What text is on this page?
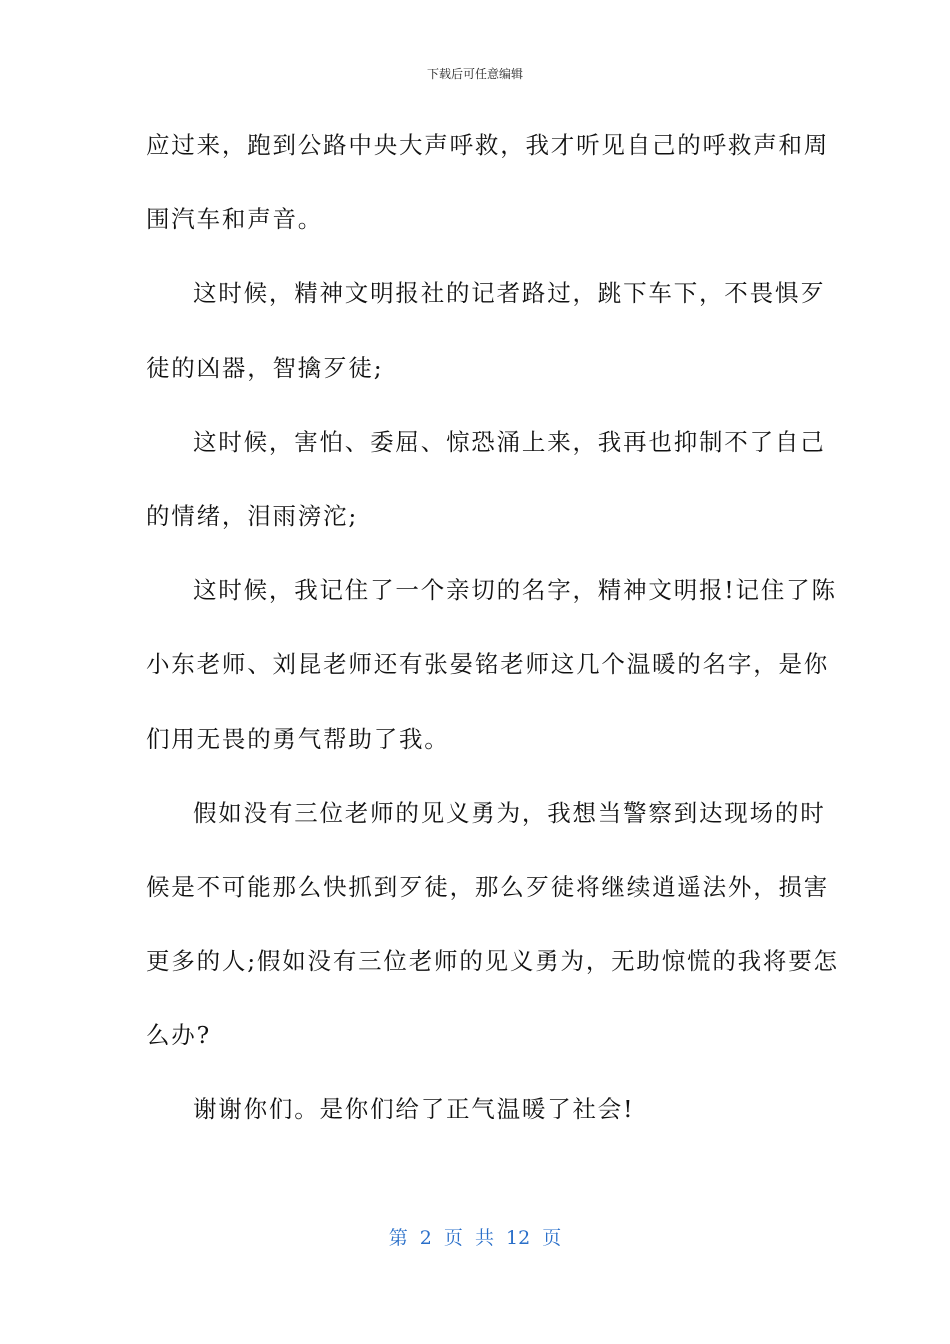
下载后可任意编辑
应过来，跑到公路中央大声呼救，我才听见自己的呼救声和周
围汽车和声音。
这时候，精神文明报社的记者路过，跳下车下，不畏惧歹
徒的凶器，智擒歹徒;
这时候，害怕、委屈、惊恐涌上来，我再也抑制不了自己
的情绪，泪雨滂沱;
这时候，我记住了一个亲切的名字，精神文明报!记住了陈
小东老师、刘昆老师还有张晏铭老师这几个温暖的名字，是你
们用无畏的勇气帮助了我。
假如没有三位老师的见义勇为，我想当警察到达现场的时
候是不可能那么快抓到歹徒，那么歹徒将继续逍遥法外，损害
更多的人;假如没有三位老师的见义勇为，无助惊慌的我将要怎
么办?
谢谢你们。是你们给了正气温暖了社会!
第 2 页 共 12 页
